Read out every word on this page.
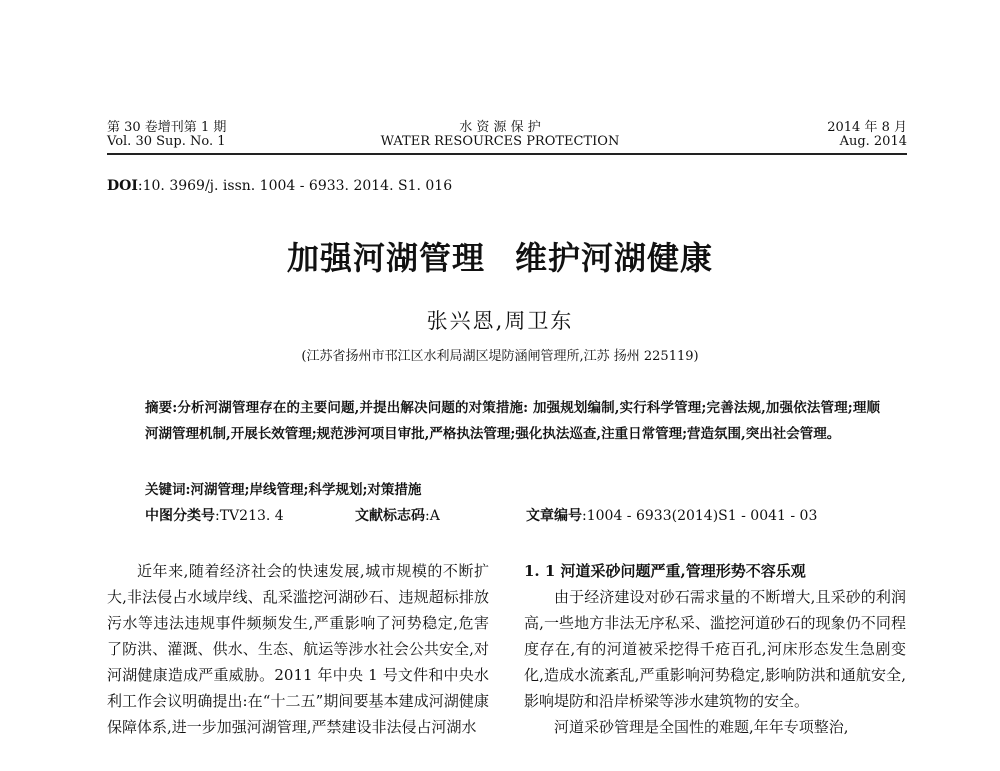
第 30 卷增刊第 1 期
Vol. 30 Sup. No. 1
水 资 源 保 护
WATER RESOURCES PROTECTION
2014 年 8 月
Aug. 2014
DOI:10. 3969/j. issn. 1004 - 6933. 2014. S1. 016
加强河湖管理 维护河湖健康
张兴恩,周卫东
(江苏省扬州市邗江区水利局湖区堤防涵闸管理所,江苏 扬州 225119)
摘要:分析河湖管理存在的主要问题,并提出解决问题的对策措施: 加强规划编制,实行科学管理;完善法规,加强依法管理;理顺河湖管理机制,开展长效管理;规范涉河项目审批,严格执法管理;强化执法巡查,注重日常管理;营造氛围,突出社会管理。
关键词:河湖管理;岸线管理;科学规划;对策措施
中图分类号:TV213. 4	文献标志码:A	文章编号:1004 - 6933(2014)S1 - 0041 - 03

近年来,随着经济社会的快速发展,城市规模的不断扩大,非法侵占水域岸线、乱采滥挖河湖砂石、违规超标排放污水等违法违规事件频频发生,严重影响了河势稳定,危害了防洪、灌溉、供水、生态、航运等涉水社会公共安全,对河湖健康造成严重威胁。2011 年中央 1 号文件和中央水利工作会议明确提出:在“十二五”期间要基本建成河湖健康保障体系,进一步加强河湖管理,严禁建设非法侵占河湖水

1. 1 河道采砂问题严重,管理形势不容乐观

由于经济建设对砂石需求量的不断增大,且采砂的利润高,一些地方非法无序私采、滥挖河道砂石的现象仍不同程度存在,有的河道被采挖得千疮百孔,河床形态发生急剧变化,造成水流紊乱,严重影响河势稳定,影响防洪和通航安全,影响堤防和沿岸桥梁等涉水建筑物的安全。

河道采砂管理是全国性的难题,年年专项整治,
